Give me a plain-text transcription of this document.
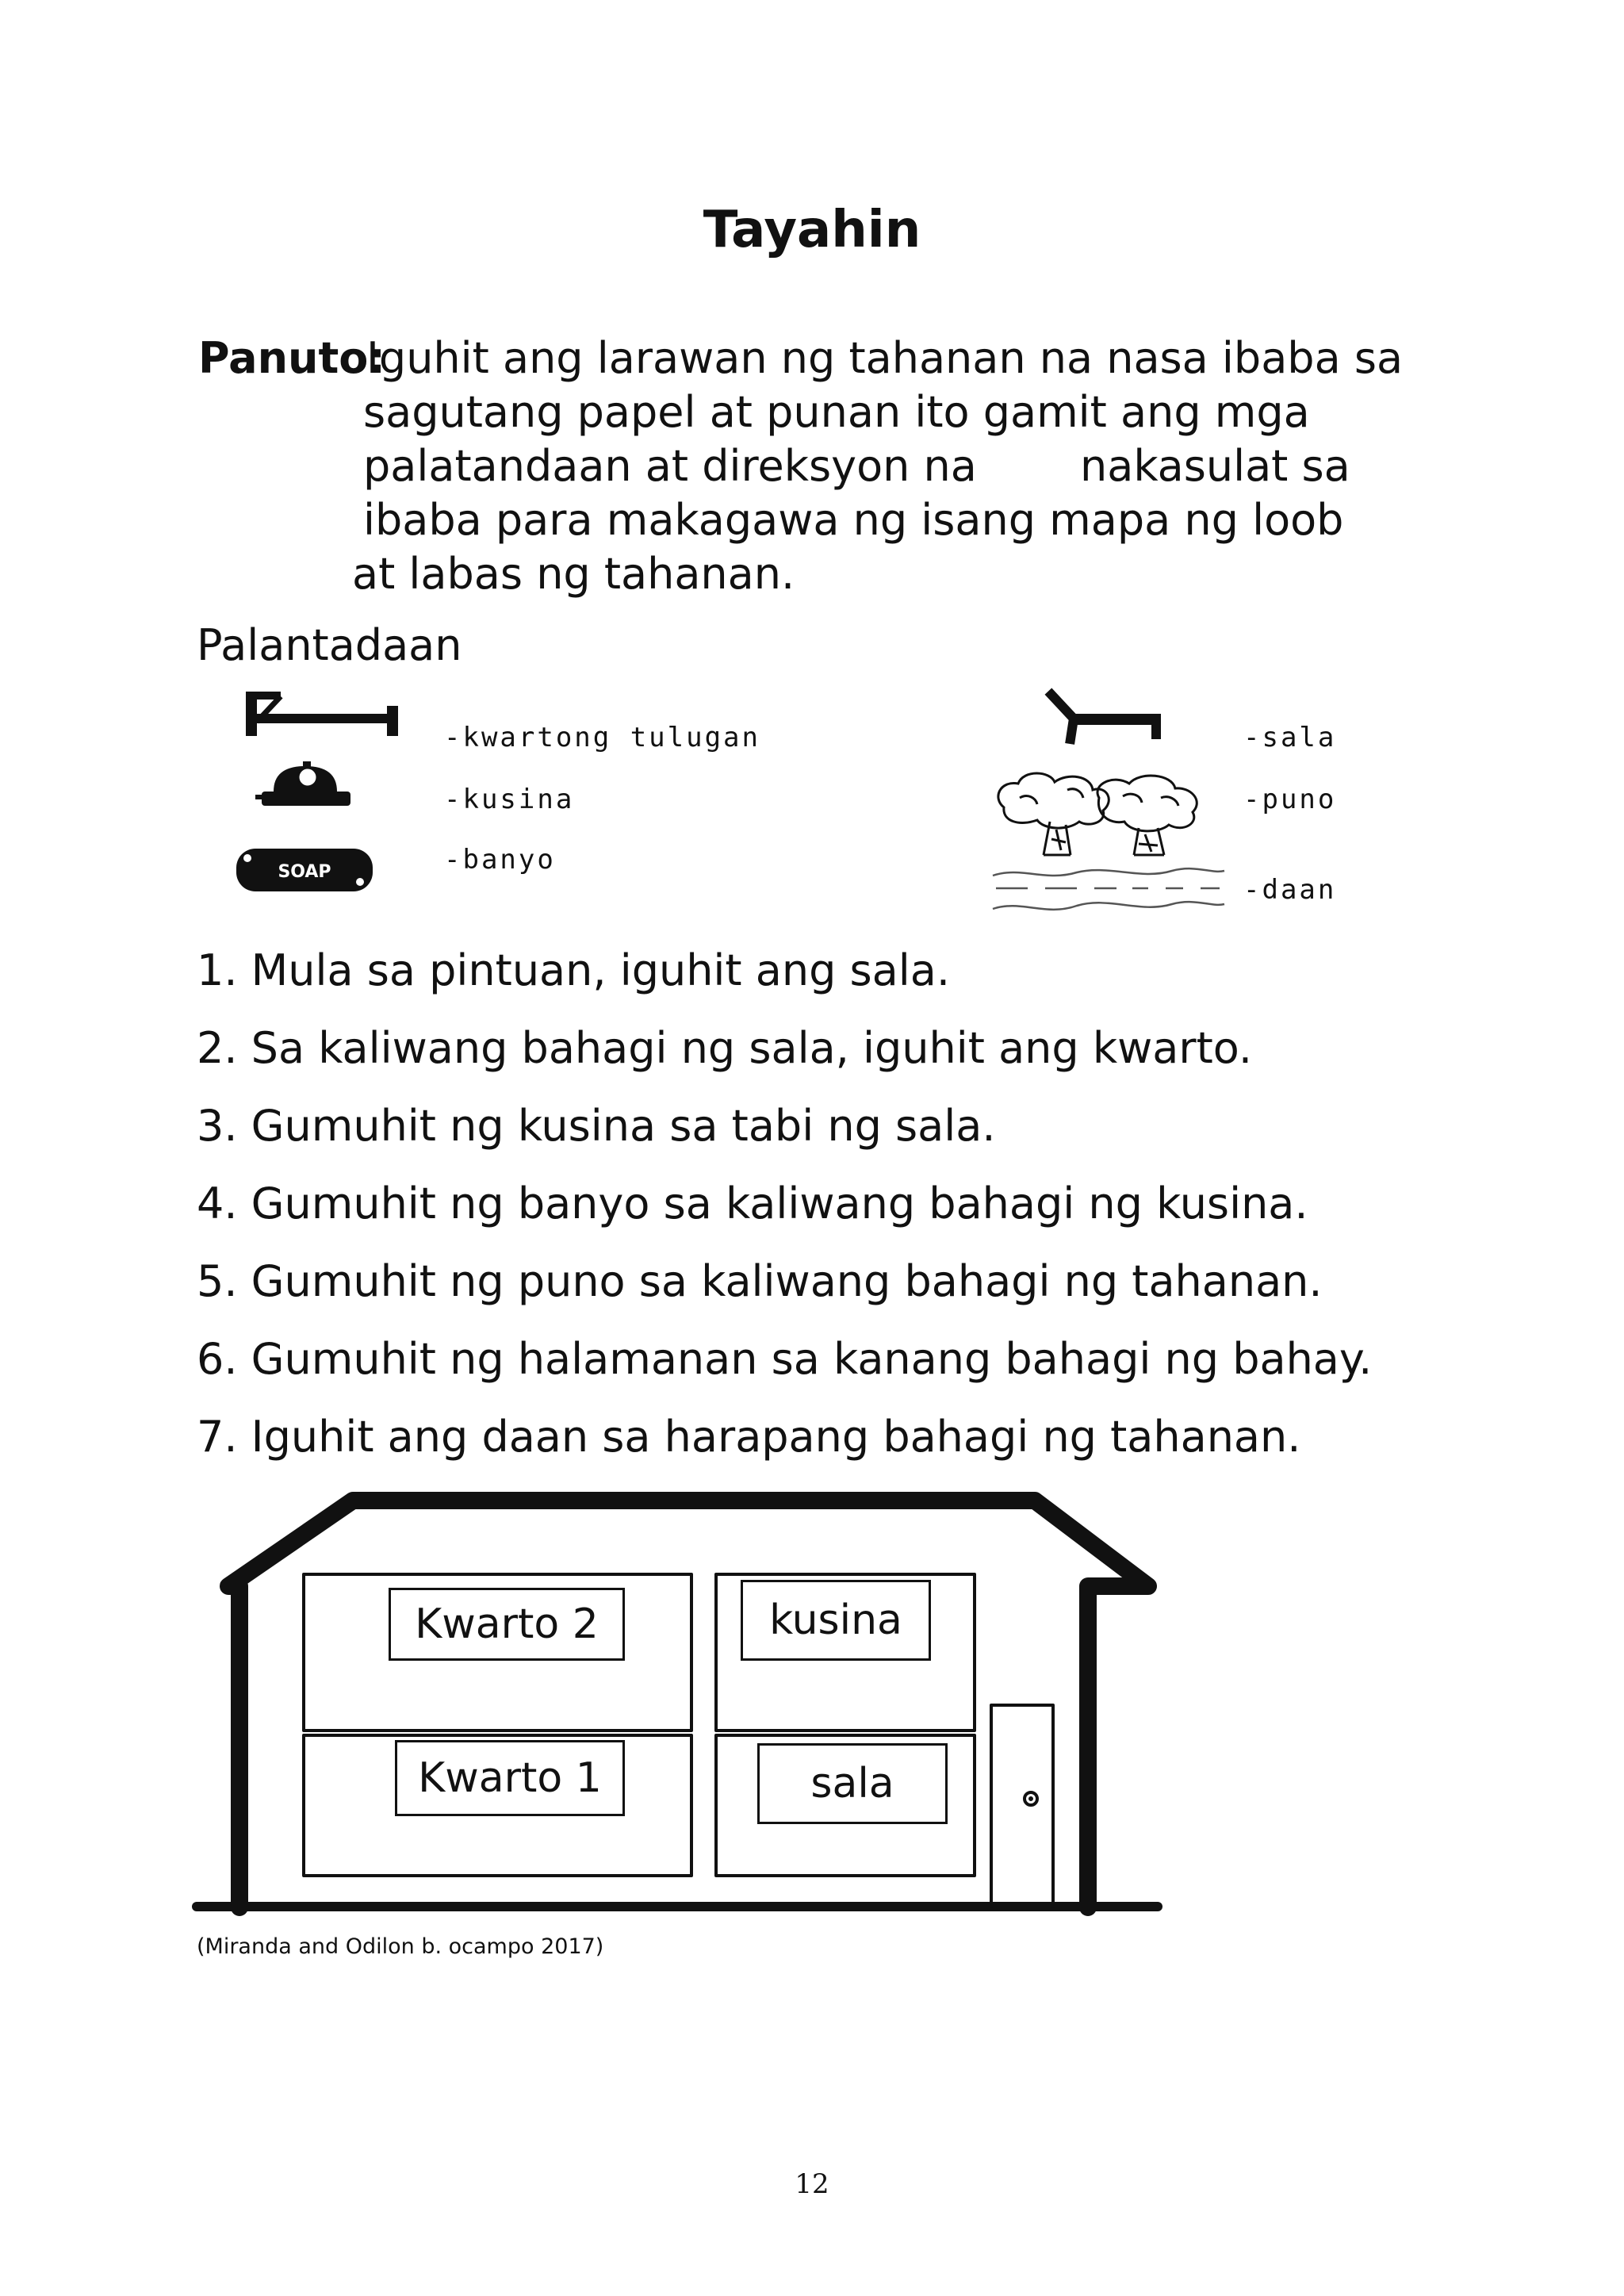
Tayahin
Panuto:
Iguhit ang larawan ng tahanan na nasa ibaba sa
sagutang papel at punan ito gamit ang mga
palatandaan at direksyon na nakasulat sa
ibaba para makagawa ng isang mapa ng loob
at labas ng tahanan.
Palantadaan
-kwartong tulugan
-kusina
SOAP	-banyo
-sala
-puno
-daan
1. Mula sa pintuan, iguhit ang sala.
2. Sa kaliwang bahagi ng sala, iguhit ang kwarto.
3. Gumuhit ng kusina sa tabi ng sala.
4. Gumuhit ng banyo sa kaliwang bahagi ng kusina.
5. Gumuhit ng puno sa kaliwang bahagi ng tahanan.
6. Gumuhit ng halamanan sa kanang bahagi ng bahay.
7. Iguhit ang daan sa harapang bahagi ng tahanan.
Kwarto 2	kusina
Kwarto 1	sala
(Miranda and Odilon b. ocampo 2017)
12
